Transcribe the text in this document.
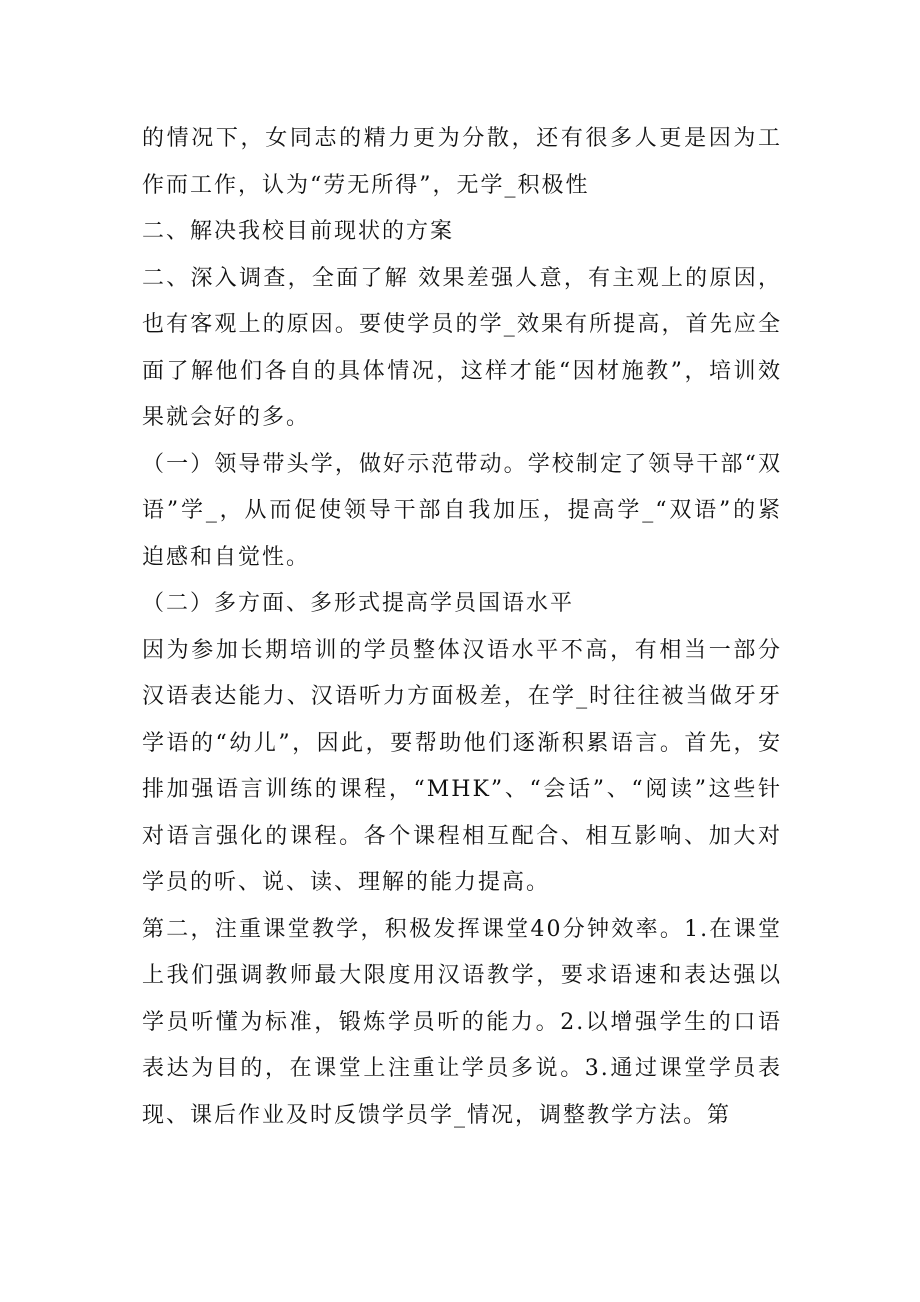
的情况下，女同志的精力更为分散，还有很多人更是因为工作而工作，认为“劳无所得”，无学_积极性

二、解决我校目前现状的方案

二、深入调查，全面了解 效果差强人意，有主观上的原因，也有客观上的原因。要使学员的学_效果有所提高，首先应全面了解他们各自的具体情况，这样才能“因材施教”，培训效果就会好的多。

（一）领导带头学，做好示范带动。学校制定了领导干部“双语”学_，从而促使领导干部自我加压，提高学_“双语”的紧迫感和自觉性。

（二）多方面、多形式提高学员国语水平

因为参加长期培训的学员整体汉语水平不高，有相当一部分汉语表达能力、汉语听力方面极差，在学_时往往被当做牙牙学语的“幼儿”，因此，要帮助他们逐渐积累语言。首先，安排加强语言训练的课程，“MHK”、“会话”、“阅读”这些针对语言强化的课程。各个课程相互配合、相互影响、加大对学员的听、说、读、理解的能力提高。

第二，注重课堂教学，积极发挥课堂40分钟效率。1.在课堂上我们强调教师最大限度用汉语教学，要求语速和表达强以学员听懂为标准，锻炼学员听的能力。2.以增强学生的口语表达为目的，在课堂上注重让学员多说。3.通过课堂学员表现、课后作业及时反馈学员学_情况，调整教学方法。第
